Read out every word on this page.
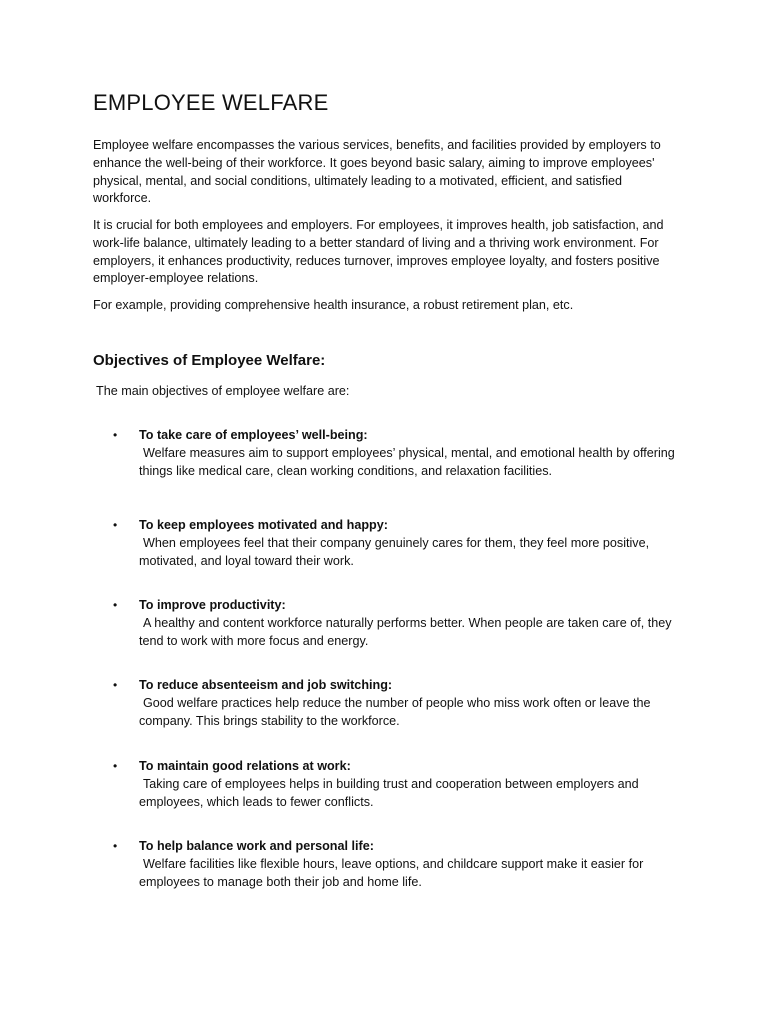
EMPLOYEE WELFARE

Employee welfare encompasses the various services, benefits, and facilities provided by employers to enhance the well-being of their workforce. It goes beyond basic salary, aiming to improve employees' physical, mental, and social conditions, ultimately leading to a motivated, efficient, and satisfied workforce.

It is crucial for both employees and employers. For employees, it improves health, job satisfaction, and work-life balance, ultimately leading to a better standard of living and a thriving work environment. For employers, it enhances productivity, reduces turnover, improves employee loyalty, and fosters positive employer-employee relations.

For example, providing comprehensive health insurance, a robust retirement plan, etc.

Objectives of Employee Welfare:

The main objectives of employee welfare are:

• To take care of employees’ well-being:
Welfare measures aim to support employees’ physical, mental, and emotional health by offering things like medical care, clean working conditions, and relaxation facilities.
• To keep employees motivated and happy:
When employees feel that their company genuinely cares for them, they feel more positive, motivated, and loyal toward their work.
• To improve productivity:
A healthy and content workforce naturally performs better. When people are taken care of, they tend to work with more focus and energy.
• To reduce absenteeism and job switching:
Good welfare practices help reduce the number of people who miss work often or leave the company. This brings stability to the workforce.
• To maintain good relations at work:
Taking care of employees helps in building trust and cooperation between employers and employees, which leads to fewer conflicts.
• To help balance work and personal life:
Welfare facilities like flexible hours, leave options, and childcare support make it easier for employees to manage both their job and home life.
